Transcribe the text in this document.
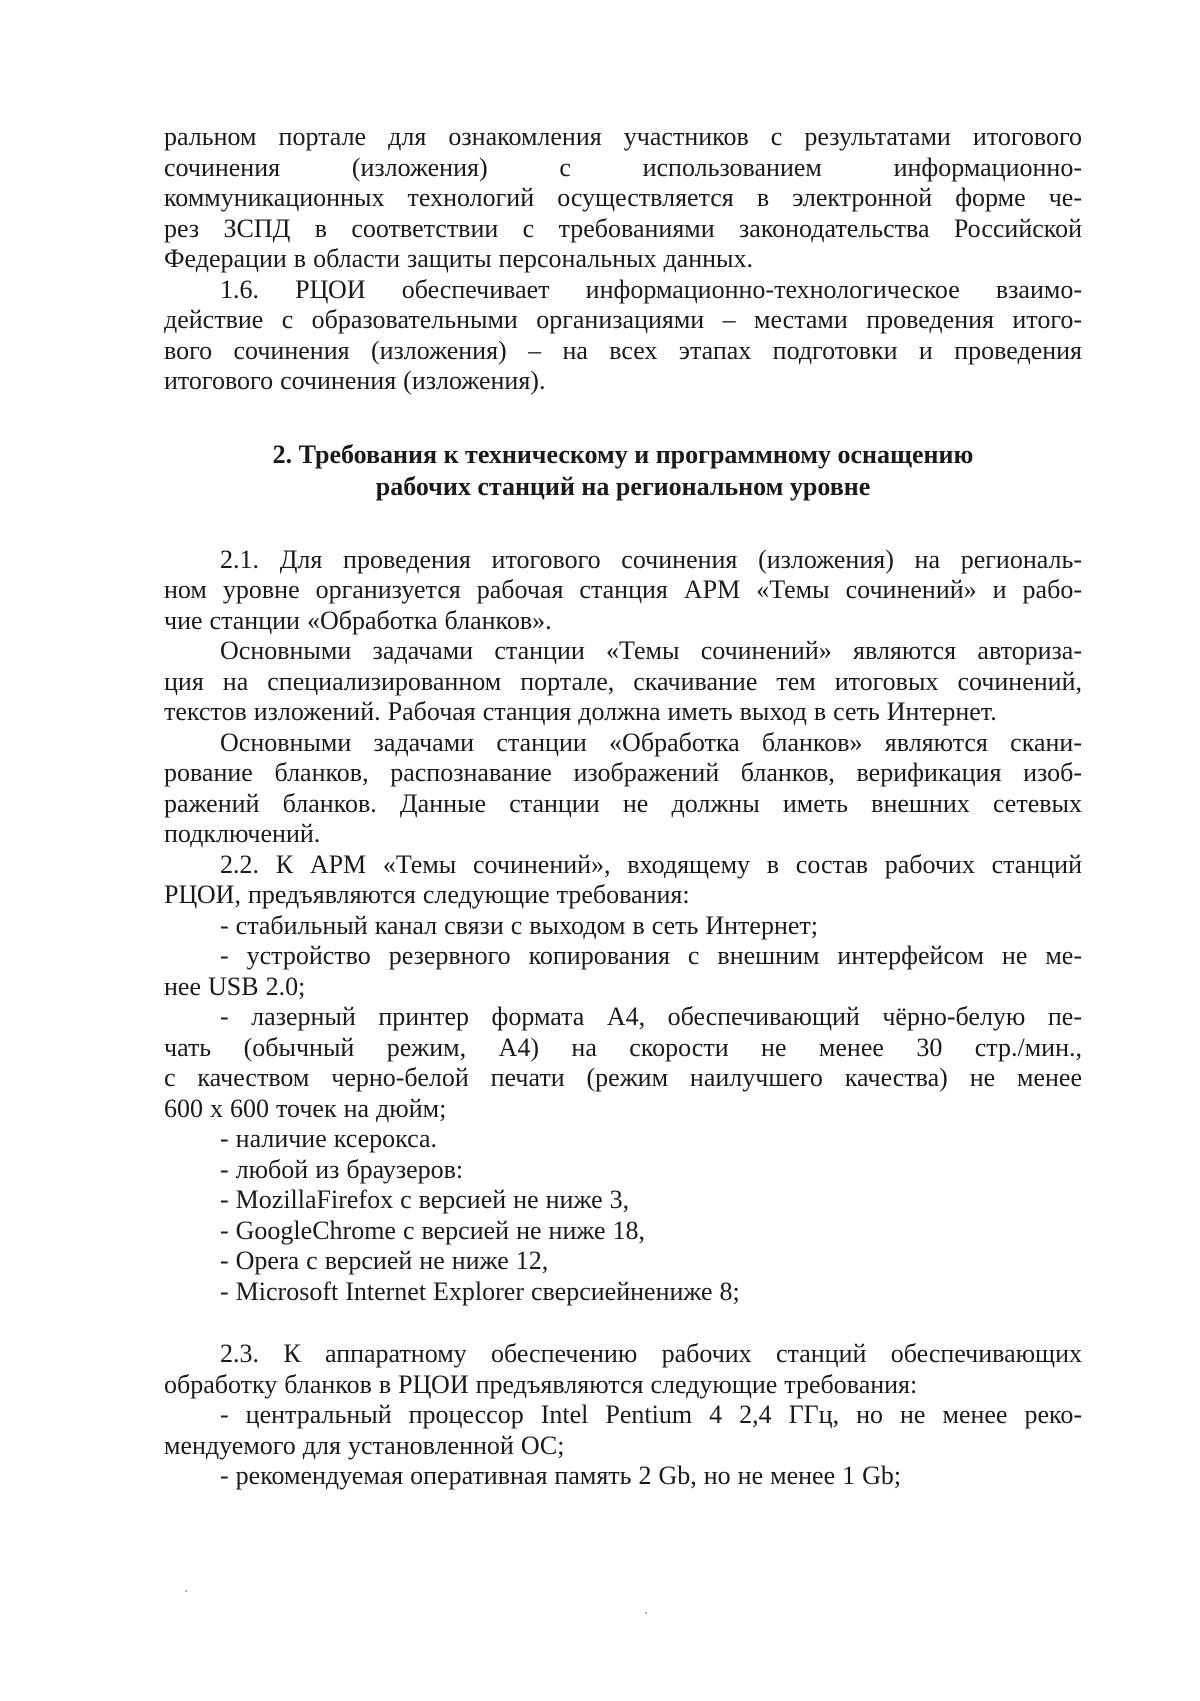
ральном портале для ознакомления участников с результатами итогового

сочинения (изложения) с использованием информационно-

коммуникационных технологий осуществляется в электронной форме че-

рез ЗСПД в соответствии с требованиями законодательства Российской

Федерации в области защиты персональных данных.

1.6. РЦОИ обеспечивает информационно-технологическое взаимо-

действие с образовательными организациями – местами проведения итого-

вого сочинения (изложения) – на всех этапах подготовки и проведения

итогового сочинения (изложения).

2. Требования к техническому и программному оснащению
рабочих станций на региональном уровне

2.1. Для проведения итогового сочинения (изложения) на региональ-

ном уровне организуется рабочая станция АРМ «Темы сочинений» и рабо-

чие станции «Обработка бланков».

Основными задачами станции «Темы сочинений» являются авториза-

ция на специализированном портале, скачивание тем итоговых сочинений,

текстов изложений. Рабочая станция должна иметь выход в сеть Интернет.

Основными задачами станции «Обработка бланков» являются скани-

рование бланков, распознавание изображений бланков, верификация изоб-

ражений бланков. Данные станции не должны иметь внешних сетевых

подключений.

2.2. К АРМ «Темы сочинений», входящему в состав рабочих станций

РЦОИ, предъявляются следующие требования:

- стабильный канал связи с выходом в сеть Интернет;

- устройство резервного копирования с внешним интерфейсом не ме-

нее USB 2.0;

- лазерный принтер формата А4, обеспечивающий чёрно-белую пе-

чать (обычный режим, А4) на скорости не менее 30 стр./мин.,

с качеством черно-белой печати (режим наилучшего качества) не менее

600 х 600 точек на дюйм;

- наличие ксерокса.

- любой из браузеров:

- MozillaFirefox с версией не ниже 3,

- GoogleChrome с версией не ниже 18,

- Opera с версией не ниже 12,

- Microsoft Internet Explorer сверсиейнениже 8;

2.3. К аппаратному обеспечению рабочих станций обеспечивающих

обработку бланков в РЦОИ предъявляются следующие требования:

- центральный процессор Intel Pentium 4 2,4 ГГц, но не менее реко-

мендуемого для установленной ОС;

- рекомендуемая оперативная память 2 Gb, но не менее 1 Gb;
